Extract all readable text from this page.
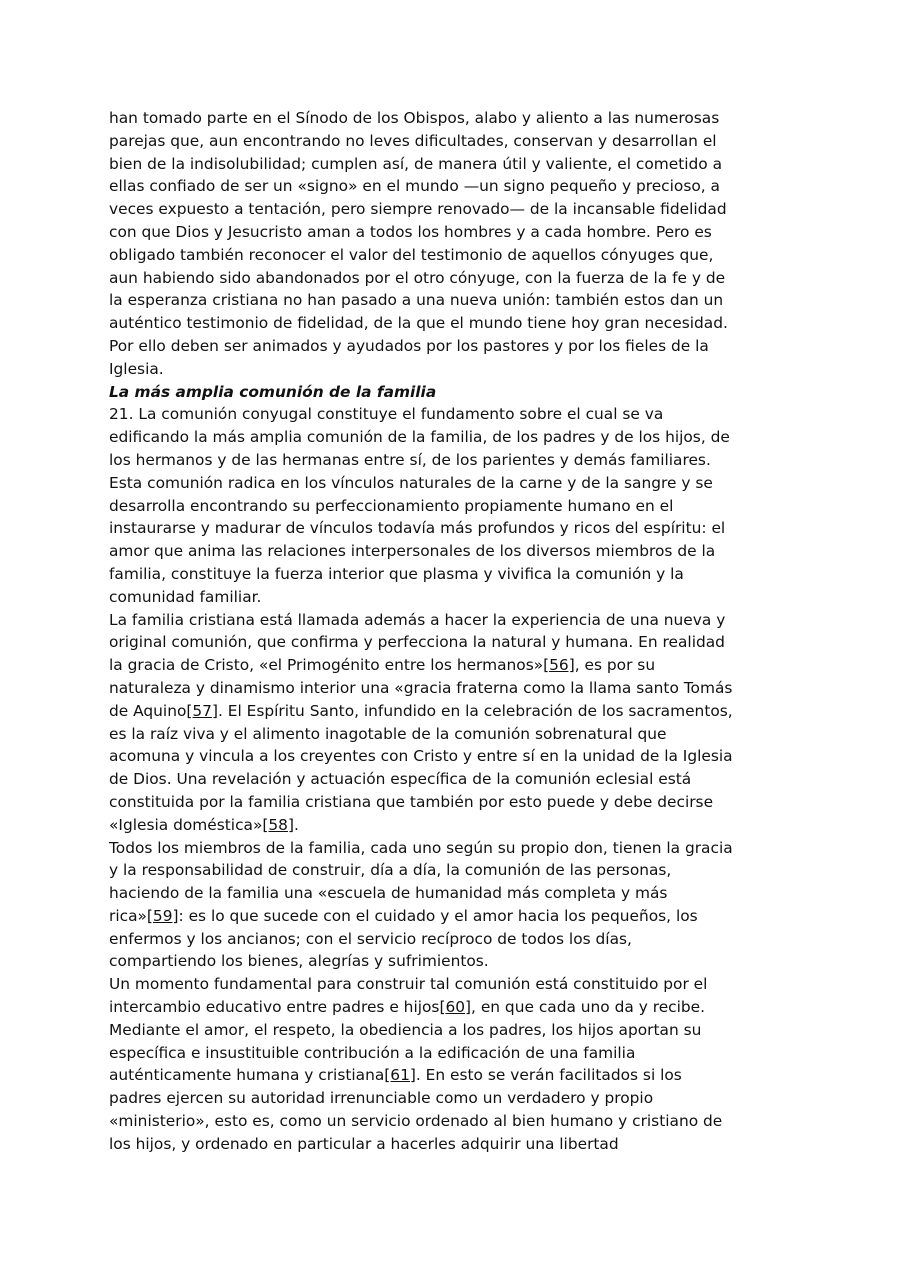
han tomado parte en el Sínodo de los Obispos, alabo y aliento a las numerosas
parejas que, aun encontrando no leves dificultades, conservan y desarrollan el
bien de la indisolubilidad; cumplen así, de manera útil y valiente, el cometido a
ellas confiado de ser un «signo» en el mundo —un signo pequeño y precioso, a
veces expuesto a tentación, pero siempre renovado— de la incansable fidelidad
con que Dios y Jesucristo aman a todos los hombres y a cada hombre. Pero es
obligado también reconocer el valor del testimonio de aquellos cónyuges que,
aun habiendo sido abandonados por el otro cónyuge, con la fuerza de la fe y de
la esperanza cristiana no han pasado a una nueva unión: también estos dan un
auténtico testimonio de fidelidad, de la que el mundo tiene hoy gran necesidad.
Por ello deben ser animados y ayudados por los pastores y por los fieles de la
Iglesia.
La más amplia comunión de la familia
21. La comunión conyugal constituye el fundamento sobre el cual se va
edificando la más amplia comunión de la familia, de los padres y de los hijos, de
los hermanos y de las hermanas entre sí, de los parientes y demás familiares.
Esta comunión radica en los vínculos naturales de la carne y de la sangre y se
desarrolla encontrando su perfeccionamiento propiamente humano en el
instaurarse y madurar de vínculos todavía más profundos y ricos del espíritu: el
amor que anima las relaciones interpersonales de los diversos miembros de la
familia, constituye la fuerza interior que plasma y vivifica la comunión y la
comunidad familiar.
La familia cristiana está llamada además a hacer la experiencia de una nueva y
original comunión, que confirma y perfecciona la natural y humana. En realidad
la gracia de Cristo, «el Primogénito entre los hermanos»[56], es por su
naturaleza y dinamismo interior una «gracia fraterna como la llama santo Tomás
de Aquino[57]. El Espíritu Santo, infundido en la celebración de los sacramentos,
es la raíz viva y el alimento inagotable de la comunión sobrenatural que
acomuna y vincula a los creyentes con Cristo y entre sí en la unidad de la Iglesia
de Dios. Una revelación y actuación específica de la comunión eclesial está
constituida por la familia cristiana que también por esto puede y debe decirse
«Iglesia doméstica»[58].
Todos los miembros de la familia, cada uno según su propio don, tienen la gracia
y la responsabilidad de construir, día a día, la comunión de las personas,
haciendo de la familia una «escuela de humanidad más completa y más
rica»[59]: es lo que sucede con el cuidado y el amor hacia los pequeños, los
enfermos y los ancianos; con el servicio recíproco de todos los días,
compartiendo los bienes, alegrías y sufrimientos.
Un momento fundamental para construir tal comunión está constituido por el
intercambio educativo entre padres e hijos[60], en que cada uno da y recibe.
Mediante el amor, el respeto, la obediencia a los padres, los hijos aportan su
específica e insustituible contribución a la edificación de una familia
auténticamente humana y cristiana[61]. En esto se verán facilitados si los
padres ejercen su autoridad irrenunciable como un verdadero y propio
«ministerio», esto es, como un servicio ordenado al bien humano y cristiano de
los hijos, y ordenado en particular a hacerles adquirir una libertad
